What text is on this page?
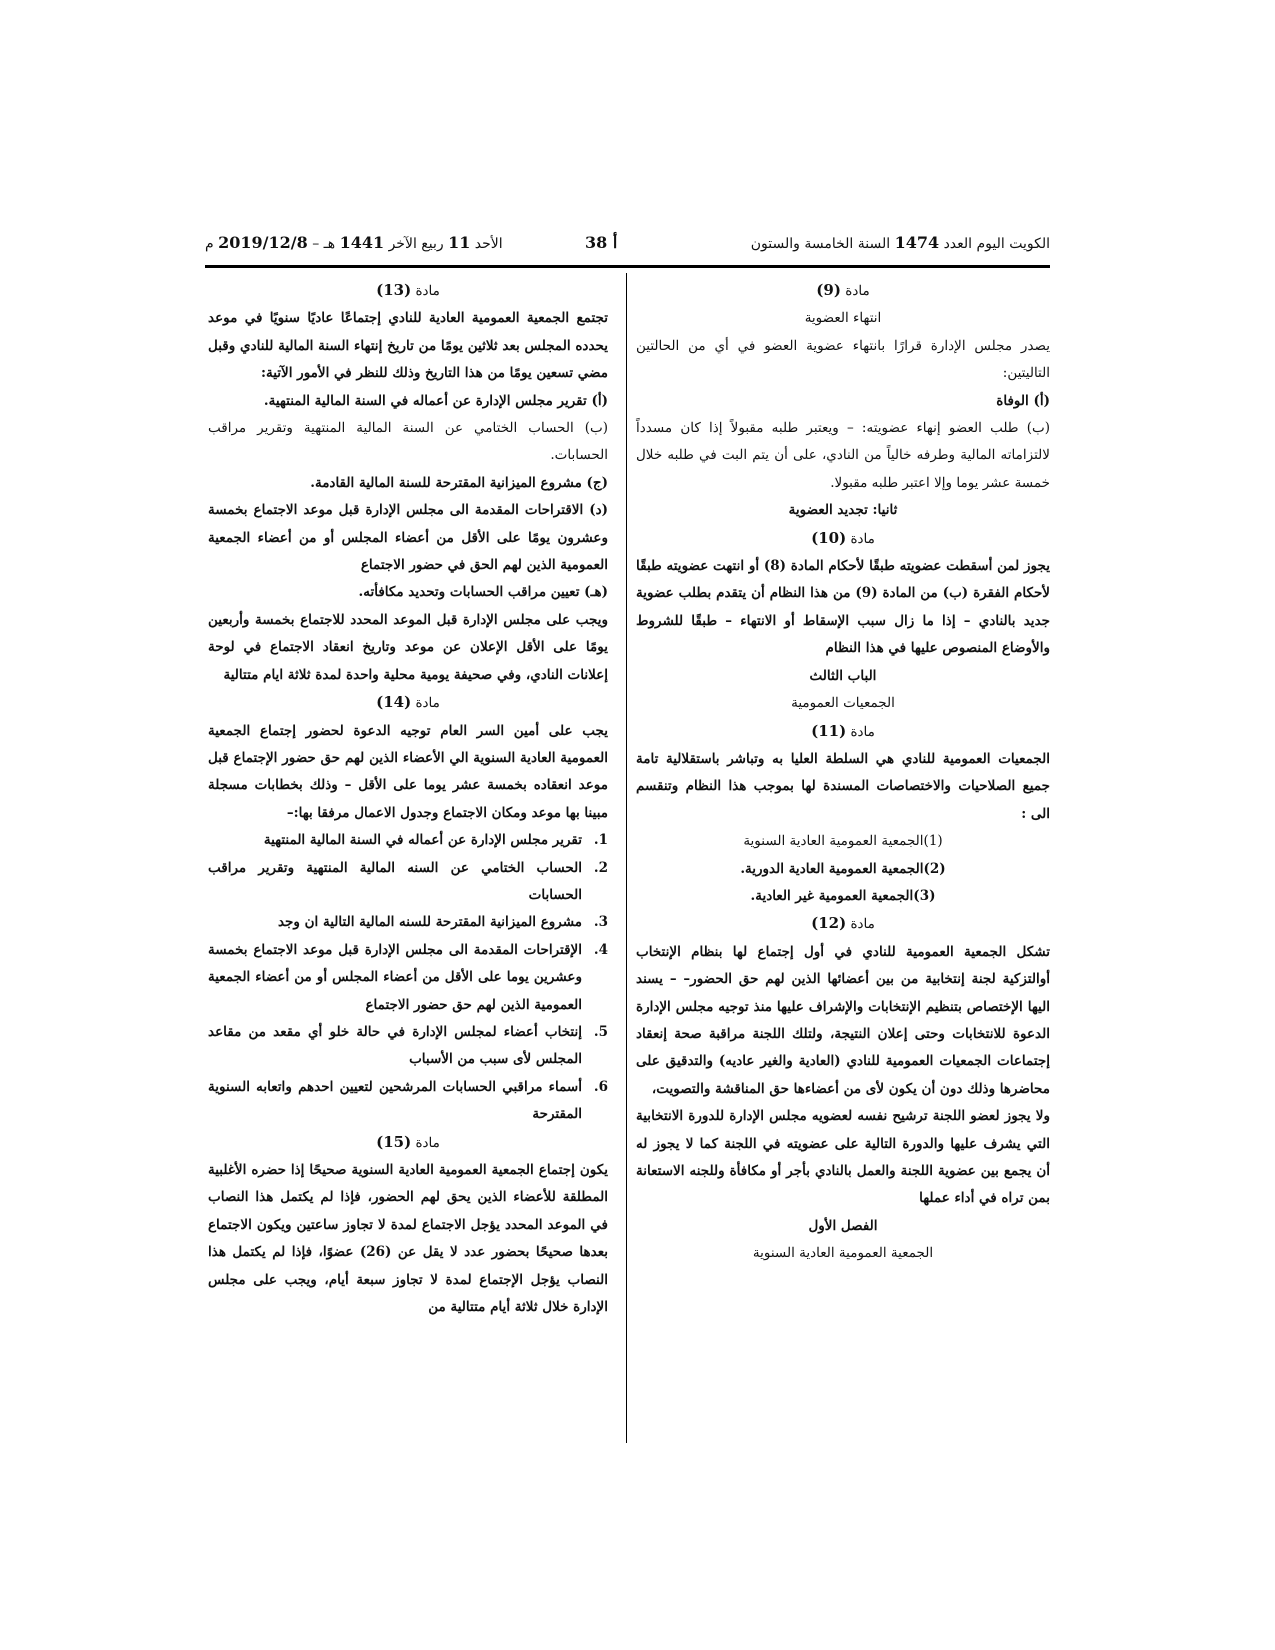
الكويت اليوم العدد 1474 السنة الخامسة والستون
أ 38
الأحد 11 ربيع الآخر 1441 هـ – 2019/12/8 م

مادة (9)

انتهاء العضوية

يصدر مجلس الإدارة قرارًا بانتهاء عضوية العضو في أي من الحالتين التاليتين:

(أ) الوفاة

(ب) طلب العضو إنهاء عضويته: – ويعتبر طلبه مقبولاً إذا كان مسدداً لالتزاماته المالية وطرفه خالياً من النادي، على أن يتم البت في طلبه خلال خمسة عشر يوما وإلا اعتبر طلبه مقبولا.

ثانيا: تجديد العضوية

مادة (10)

يجوز لمن أسقطت عضويته طبقًا لأحكام المادة (8) أو انتهت عضويته طبقًا لأحكام الفقرة (ب) من المادة (9) من هذا النظام أن يتقدم بطلب عضوية جديد بالنادي – إذا ما زال سبب الإسقاط أو الانتهاء – طبقًا للشروط والأوضاع المنصوص عليها في هذا النظام

الباب الثالث

الجمعيات العمومية

مادة (11)

الجمعيات العمومية للنادي هي السلطة العليا به وتباشر باستقلالية تامة جميع الصلاحيات والاختصاصات المسندة لها بموجب هذا النظام وتنقسم الى :

(1)الجمعية العمومية العادية السنوية

(2)الجمعية العمومية العادية الدورية.

(3)الجمعية العمومية غير العادية.

مادة (12)

تشكل الجمعية العمومية للنادي في أول إجتماع لها بنظام الإنتخاب أوالتزكية لجنة إنتخابية من بين أعضائها الذين لهم حق الحضور– – يسند اليها الإختصاص بتنظيم الإنتخابات والإشراف عليها منذ توجيه مجلس الإدارة الدعوة للانتخابات وحتى إعلان النتيجة، ولتلك اللجنة مراقبة صحة إنعقاد إجتماعات الجمعيات العمومية للنادي (العادية والغير عاديه) والتدقيق على محاضرها وذلك دون أن يكون لأى من أعضاءها حق المناقشة والتصويت،

ولا يجوز لعضو اللجنة ترشيح نفسه لعضويه مجلس الإدارة للدورة الانتخابية التي يشرف عليها والدورة التالية على عضويته في اللجنة كما لا يجوز له أن يجمع بين عضوية اللجنة والعمل بالنادي بأجر أو مكافأة وللجنه الاستعانة بمن تراه في أداء عملها

الفصل الأول

الجمعية العمومية العادية السنوية

مادة (13)

تجتمع الجمعية العمومية العادية للنادي إجتماعًا عاديًا سنويًا في موعد يحدده المجلس بعد ثلاثين يومًا من تاريخ إنتهاء السنة المالية للنادي وقبل مضي تسعين يومًا من هذا التاريخ وذلك للنظر في الأمور الآتية:

(أ) تقرير مجلس الإدارة عن أعماله في السنة المالية المنتهية.

(ب) الحساب الختامي عن السنة المالية المنتهية وتقرير مراقب الحسابات.

(ج) مشروع الميزانية المقترحة للسنة المالية القادمة.

(د) الاقتراحات المقدمة الى مجلس الإدارة قبل موعد الاجتماع بخمسة وعشرون يومًا على الأقل من أعضاء المجلس أو من أعضاء الجمعية العمومية الذين لهم الحق في حضور الاجتماع

(هـ) تعيين مراقب الحسابات وتحديد مكافأته.

ويجب على مجلس الإدارة قبل الموعد المحدد للاجتماع بخمسة وأربعين يومًا على الأقل الإعلان عن موعد وتاريخ انعقاد الاجتماع في لوحة إعلانات النادي، وفي صحيفة يومية محلية واحدة لمدة ثلاثة ايام متتالية

مادة (14)

يجب على أمين السر العام توجيه الدعوة لحضور إجتماع الجمعية العمومية العادية السنوية الي الأعضاء الذين لهم حق حضور الإجتماع قبل موعد انعقاده بخمسة عشر يوما على الأقل – وذلك بخطابات مسجلة مبينا بها موعد ومكان الاجتماع وجدول الاعمال مرفقا بها:–

1.
تقرير مجلس الإدارة عن أعماله في السنة المالية المنتهية
2.
الحساب الختامي عن السنه المالية المنتهية وتقرير مراقب الحسابات
3.
مشروع الميزانية المقترحة للسنه المالية التالية ان وجد
4.
الإقتراحات المقدمة الى مجلس الإدارة قبل موعد الاجتماع بخمسة وعشرين يوما على الأقل من أعضاء المجلس أو من أعضاء الجمعية العمومية الذين لهم حق حضور الاجتماع
5.
إنتخاب أعضاء لمجلس الإدارة في حالة خلو أي مقعد من مقاعد المجلس لأى سبب من الأسباب
6.
أسماء مراقبي الحسابات المرشحين لتعيين احدهم واتعابه السنوية المقترحة

مادة (15)

يكون إجتماع الجمعية العمومية العادية السنوية صحيحًا إذا حضره الأغلبية المطلقة للأعضاء الذين يحق لهم الحضور، فإذا لم يكتمل هذا النصاب في الموعد المحدد يؤجل الاجتماع لمدة لا تجاوز ساعتين ويكون الاجتماع بعدها صحيحًا بحضور عدد لا يقل عن (26) عضوًا، فإذا لم يكتمل هذا النصاب يؤجل الإجتماع لمدة لا تجاوز سبعة أيام، ويجب على مجلس الإدارة خلال ثلاثة أيام متتالية من
